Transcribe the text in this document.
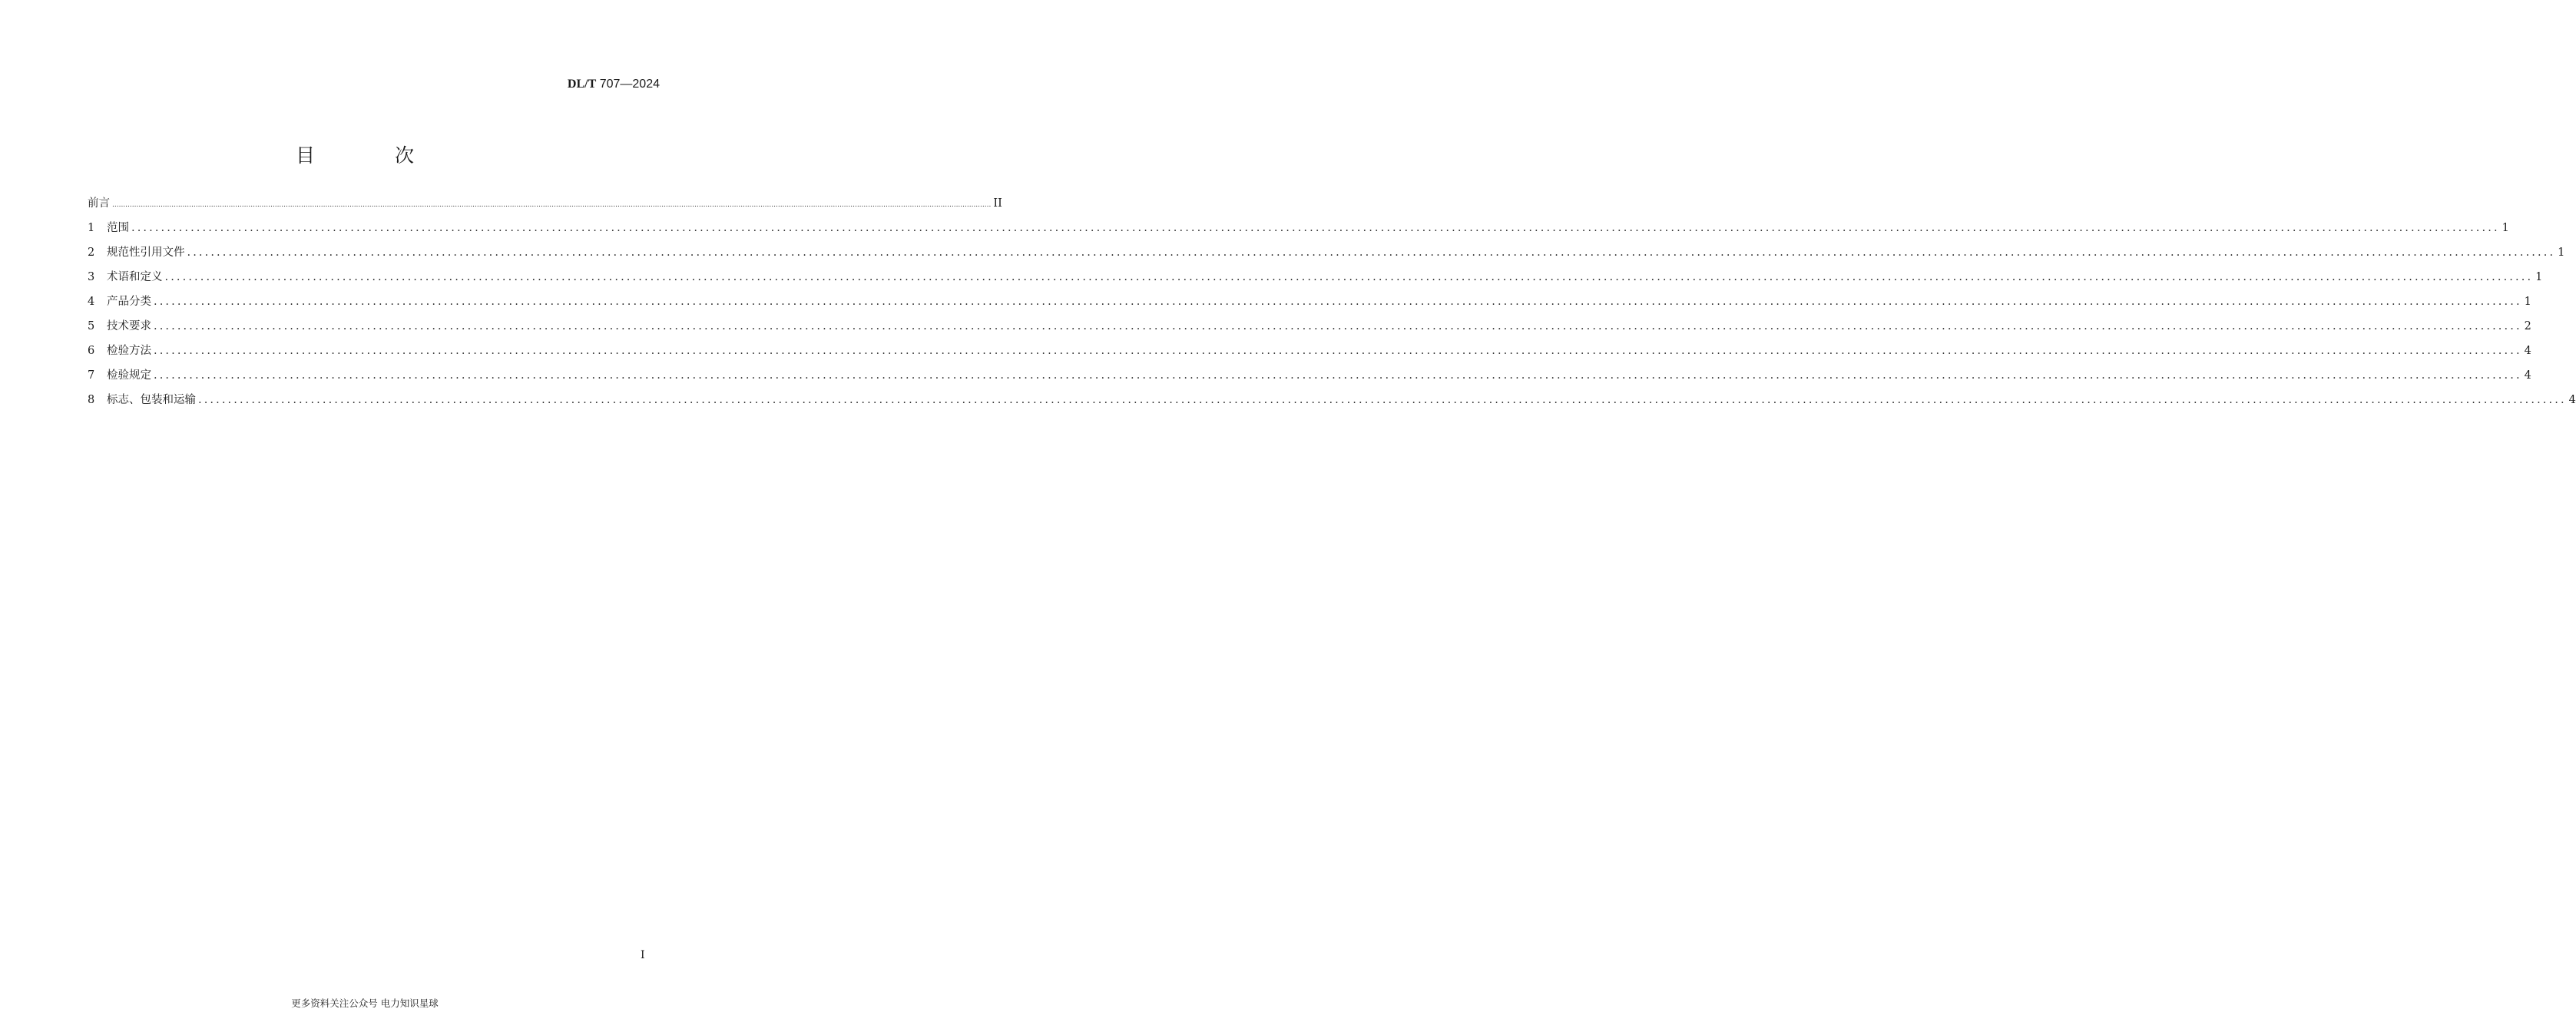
DL/T 707—2024
目 次
前言 ................................................................................................................................................................................................................................................................................................................................................................................................................ II
1	范围 ................................................................................................................................................................................................................................................................................................................................................................................................................ 1
2	规范性引用文件 ................................................................................................................................................................................................................................................................................................................................................................................................................ 1
3	术语和定义 ................................................................................................................................................................................................................................................................................................................................................................................................................ 1
4	产品分类 ................................................................................................................................................................................................................................................................................................................................................................................................................ 1
5	技术要求 ................................................................................................................................................................................................................................................................................................................................................................................................................ 2
6	检验方法 ................................................................................................................................................................................................................................................................................................................................................................................................................ 4
7	检验规定 ................................................................................................................................................................................................................................................................................................................................................................................................................ 4
8	标志、包装和运输 ................................................................................................................................................................................................................................................................................................................................................................................................................ 4
I
更多资料关注公众号 电力知识星球
